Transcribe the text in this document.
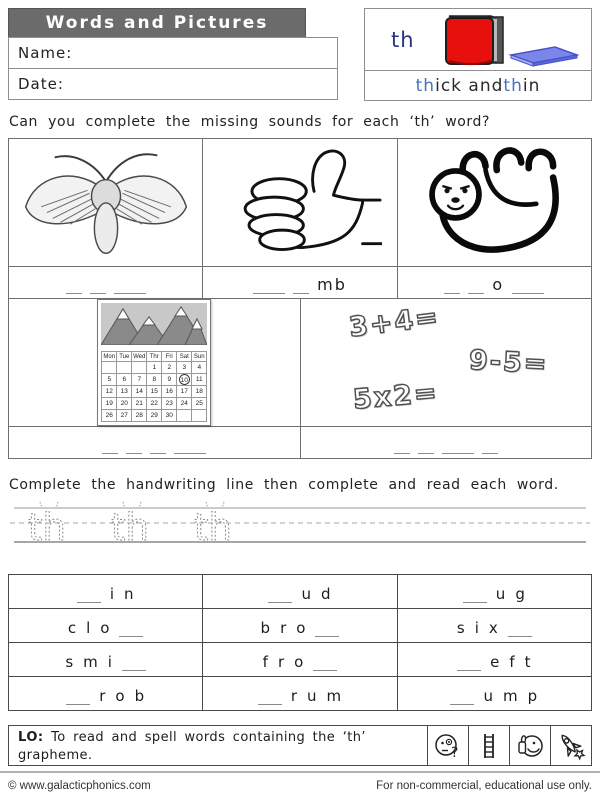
Words and Pictures
Name:
Date:
th
th ick and th in
Can you complete the missing sounds for each ‘th’ word?

	mb	o
Mon	Tue	Wed	Thr	Fri	Sat	Sun
			1	2	3	4
5	6	7	8	9	10	11
12	13	14	15	16	17	18
19	20	21	22	23	24	25
26	27	28	29	30		

3+4=
9-5=
5x2=

Complete the handwriting line then complete and read each word.
th th th
i n	u d	u g

c l o	b r o	s i x

s m i	f r o	e f t

r o b	r u m	u m p
LO: To read and spell words containing the ‘th’ grapheme.	?
© www.galacticphonics.com	For non-commercial, educational use only.
